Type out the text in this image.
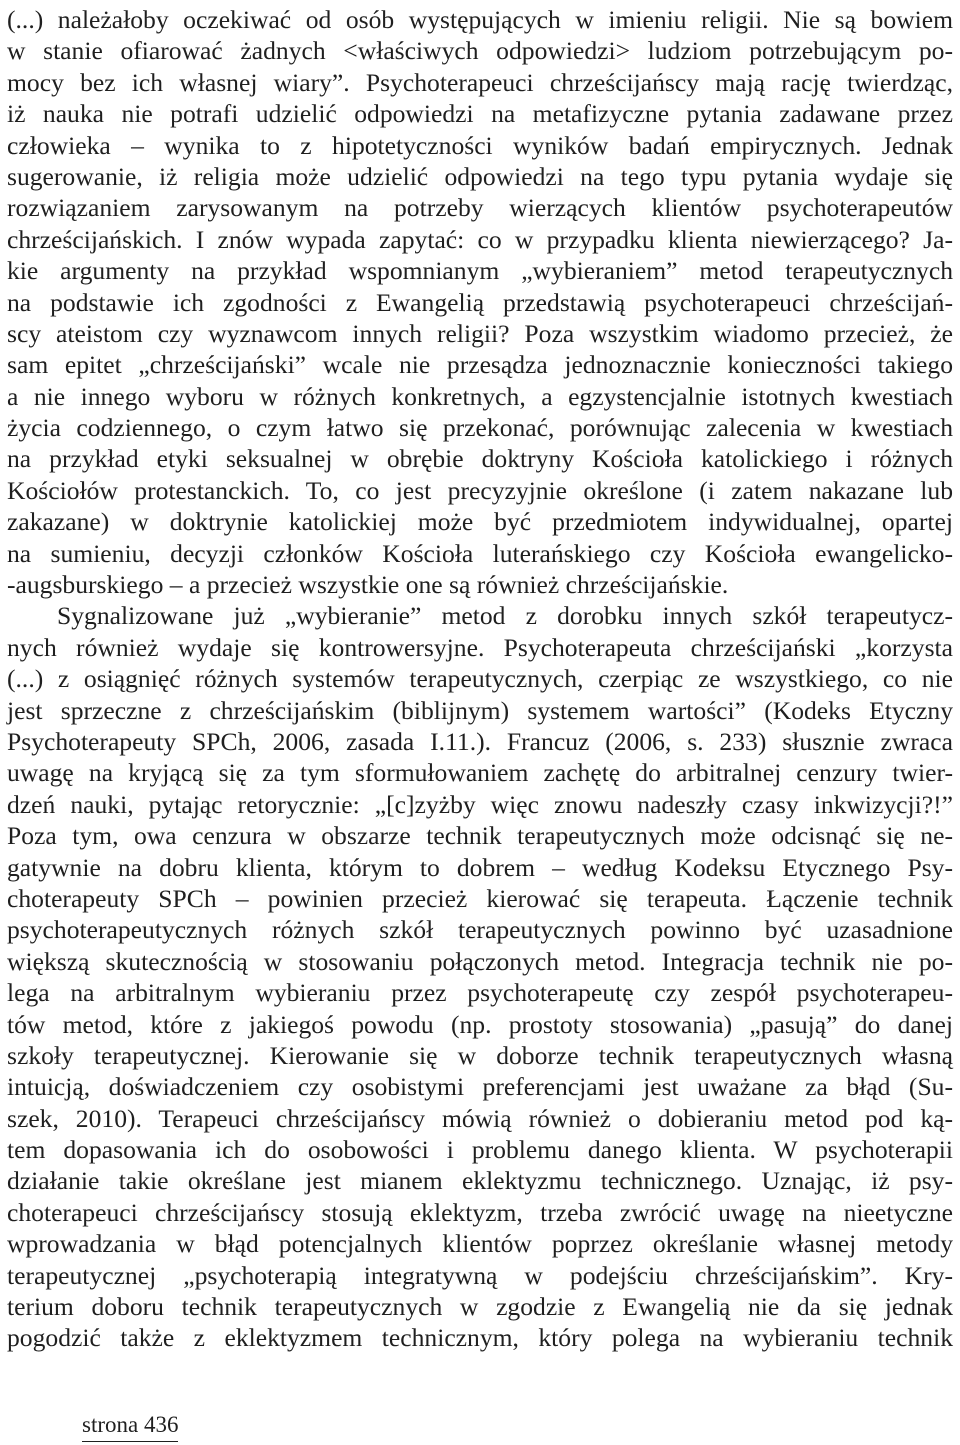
(...) należałoby oczekiwać od osób występujących w imieniu religii. Nie są bowiem
w stanie ofiarować żadnych <właściwych odpowiedzi> ludziom potrzebującym po-
mocy bez ich własnej wiary”. Psychoterapeuci chrześcijańscy mają rację twierdząc,
iż nauka nie potrafi udzielić odpowiedzi na metafizyczne pytania zadawane przez
człowieka – wynika to z hipotetyczności wyników badań empirycznych. Jednak
sugerowanie, iż religia może udzielić odpowiedzi na tego typu pytania wydaje się
rozwiązaniem zarysowanym na potrzeby wierzących klientów psychoterapeutów
chrześcijańskich. I znów wypada zapytać: co w przypadku klienta niewierzącego? Ja-
kie argumenty na przykład wspomnianym „wybieraniem” metod terapeutycznych
na podstawie ich zgodności z Ewangelią przedstawią psychoterapeuci chrześcijań-
scy ateistom czy wyznawcom innych religii? Poza wszystkim wiadomo przecież, że
sam epitet „chrześcijański” wcale nie przesądza jednoznacznie konieczności takiego
a nie innego wyboru w różnych konkretnych, a egzystencjalnie istotnych kwestiach
życia codziennego, o czym łatwo się przekonać, porównując zalecenia w kwestiach
na przykład etyki seksualnej w obrębie doktryny Kościoła katolickiego i różnych
Kościołów protestanckich. To, co jest precyzyjnie określone (i zatem nakazane lub
zakazane) w doktrynie katolickiej może być przedmiotem indywidualnej, opartej
na sumieniu, decyzji członków Kościoła luterańskiego czy Kościoła ewangelicko-
-augsburskiego – a przecież wszystkie one są również chrześcijańskie.
Sygnalizowane już „wybieranie” metod z dorobku innych szkół terapeutycz-
nych również wydaje się kontrowersyjne. Psychoterapeuta chrześcijański „korzysta
(...) z osiągnięć różnych systemów terapeutycznych, czerpiąc ze wszystkiego, co nie
jest sprzeczne z chrześcijańskim (biblijnym) systemem wartości” (Kodeks Etyczny
Psychoterapeuty SPCh, 2006, zasada I.11.). Francuz (2006, s. 233) słusznie zwraca
uwagę na kryjącą się za tym sformułowaniem zachętę do arbitralnej cenzury twier-
dzeń nauki, pytając retorycznie: „[c]zyżby więc znowu nadeszły czasy inkwizycji?!”
Poza tym, owa cenzura w obszarze technik terapeutycznych może odcisnąć się ne-
gatywnie na dobru klienta, którym to dobrem – według Kodeksu Etycznego Psy-
choterapeuty SPCh – powinien przecież kierować się terapeuta. Łączenie technik
psychoterapeutycznych różnych szkół terapeutycznych powinno być uzasadnione
większą skutecznością w stosowaniu połączonych metod. Integracja technik nie po-
lega na arbitralnym wybieraniu przez psychoterapeutę czy zespół psychoterapeu-
tów metod, które z jakiegoś powodu (np. prostoty stosowania) „pasują” do danej
szkoły terapeutycznej. Kierowanie się w doborze technik terapeutycznych własną
intuicją, doświadczeniem czy osobistymi preferencjami jest uważane za błąd (Su-
szek, 2010). Terapeuci chrześcijańscy mówią również o dobieraniu metod pod ką-
tem dopasowania ich do osobowości i problemu danego klienta. W psychoterapii
działanie takie określane jest mianem eklektyzmu technicznego. Uznając, iż psy-
choterapeuci chrześcijańscy stosują eklektyzm, trzeba zwrócić uwagę na nieetyczne
wprowadzania w błąd potencjalnych klientów poprzez określanie własnej metody
terapeutycznej „psychoterapią integratywną w podejściu chrześcijańskim”. Kry-
terium doboru technik terapeutycznych w zgodzie z Ewangelią nie da się jednak
pogodzić także z eklektyzmem technicznym, który polega na wybieraniu technik
strona 436
